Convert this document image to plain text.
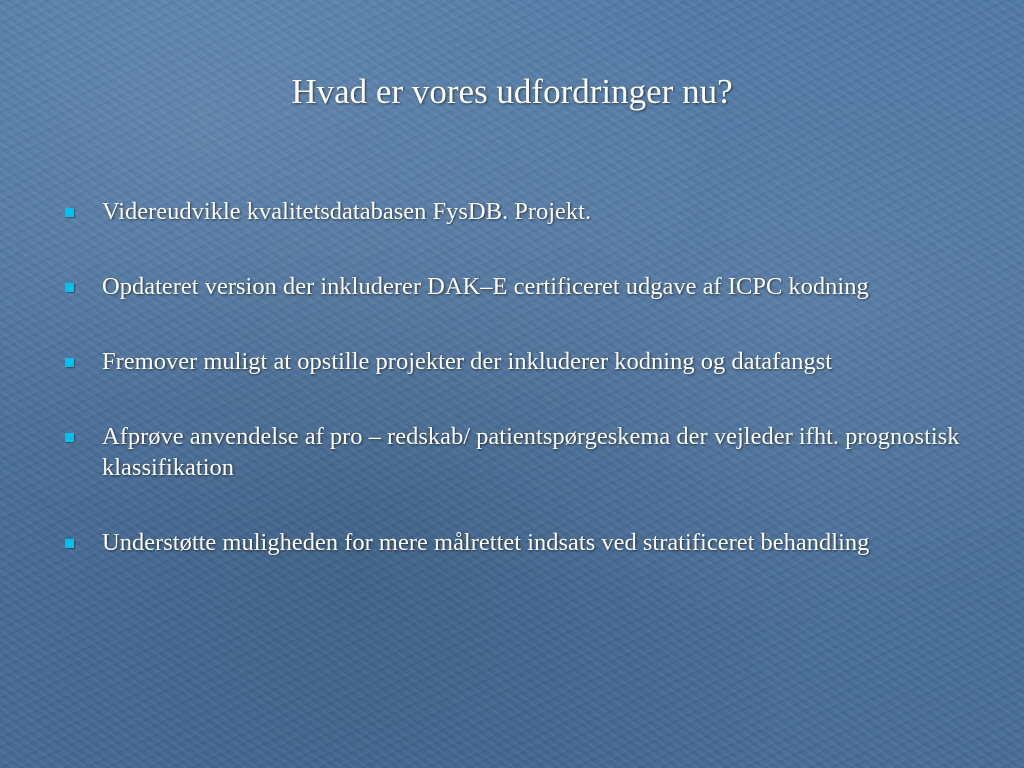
Hvad er vores udfordringer nu?
Videreudvikle kvalitetsdatabasen FysDB. Projekt.
Opdateret version der inkluderer DAK–E certificeret udgave af ICPC kodning
Fremover muligt at opstille projekter der inkluderer kodning og datafangst
Afprøve anvendelse af pro – redskab/ patientspørgeskema der vejleder ifht. prognostisk klassifikation
Understøtte muligheden for mere målrettet indsats ved stratificeret behandling
